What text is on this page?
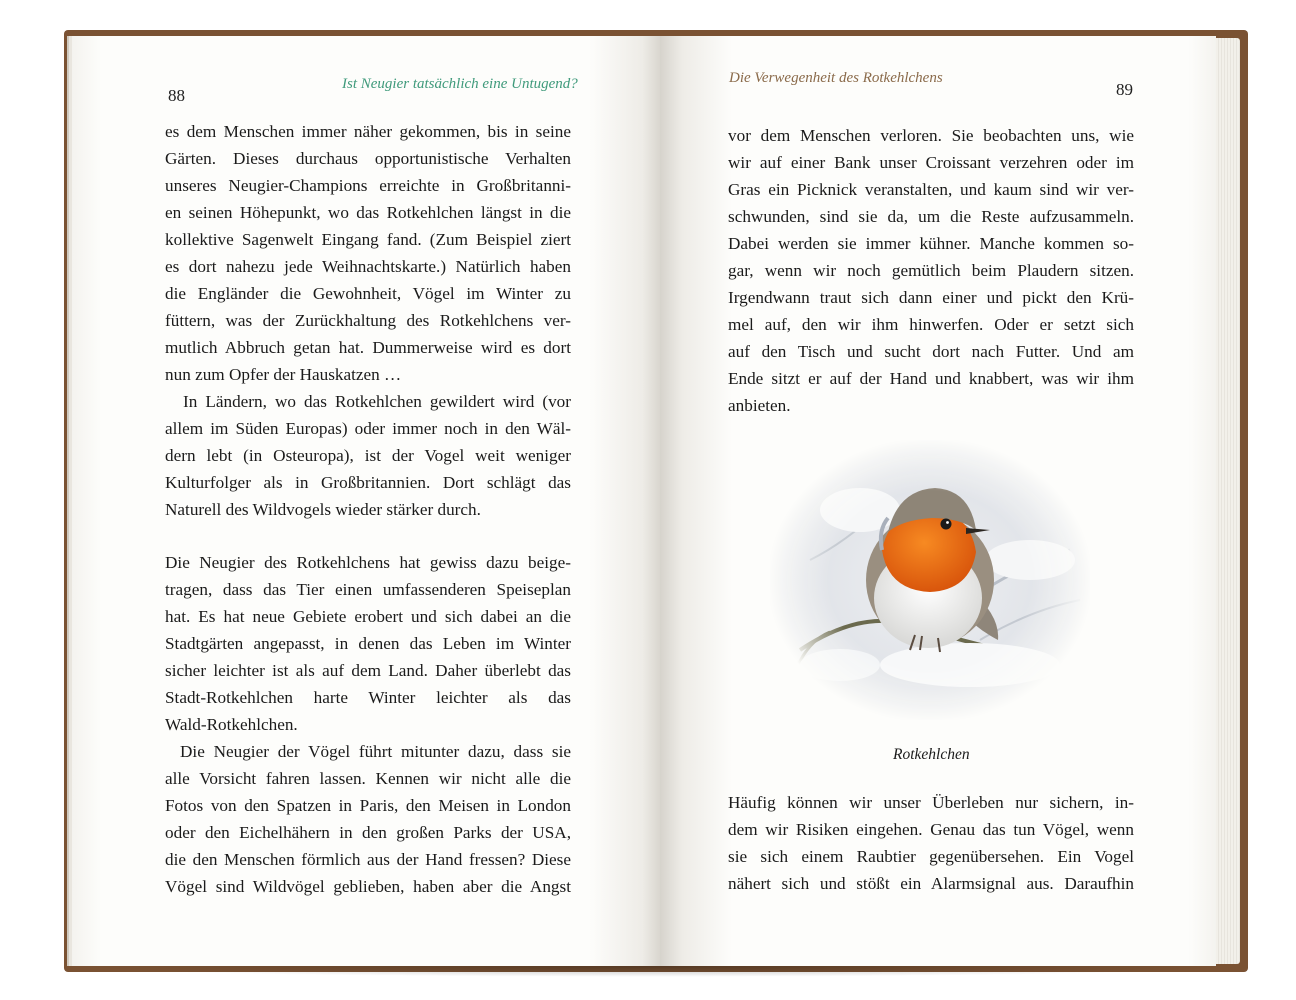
88
Ist Neugier tatsächlich eine Untugend?
es dem Menschen immer näher gekommen, bis in seine
Gärten. Dieses durchaus opportunistische Verhalten
unseres Neugier-Champions erreichte in Großbritanni-
en seinen Höhepunkt, wo das Rotkehlchen längst in die
kollektive Sagenwelt Eingang fand. (Zum Beispiel ziert
es dort nahezu jede Weihnachtskarte.) Natürlich haben
die Engländer die Gewohnheit, Vögel im Winter zu
füttern, was der Zurückhaltung des Rotkehlchens ver-
mutlich Abbruch getan hat. Dummerweise wird es dort
nun zum Opfer der Hauskatzen …
In Ländern, wo das Rotkehlchen gewildert wird (vor
allem im Süden Europas) oder immer noch in den Wäl-
dern lebt (in Osteuropa), ist der Vogel weit weniger
Kulturfolger als in Großbritannien. Dort schlägt das
Naturell des Wildvogels wieder stärker durch.
Die Neugier des Rotkehlchens hat gewiss dazu beige-
tragen, dass das Tier einen umfassenderen Speiseplan
hat. Es hat neue Gebiete erobert und sich dabei an die
Stadtgärten angepasst, in denen das Leben im Winter
sicher leichter ist als auf dem Land. Daher überlebt das
Stadt-Rotkehlchen harte Winter leichter als das
Wald-Rotkehlchen.
Die Neugier der Vögel führt mitunter dazu, dass sie
alle Vorsicht fahren lassen. Kennen wir nicht alle die
Fotos von den Spatzen in Paris, den Meisen in London
oder den Eichelhähern in den großen Parks der USA,
die den Menschen förmlich aus der Hand fressen? Diese
Vögel sind Wildvögel geblieben, haben aber die Angst
Die Verwegenheit des Rotkehlchens
89
vor dem Menschen verloren. Sie beobachten uns, wie
wir auf einer Bank unser Croissant verzehren oder im
Gras ein Picknick veranstalten, und kaum sind wir ver-
schwunden, sind sie da, um die Reste aufzusammeln.
Dabei werden sie immer kühner. Manche kommen so-
gar, wenn wir noch gemütlich beim Plaudern sitzen.
Irgendwann traut sich dann einer und pickt den Krü-
mel auf, den wir ihm hinwerfen. Oder er setzt sich
auf den Tisch und sucht dort nach Futter. Und am
Ende sitzt er auf der Hand und knabbert, was wir ihm
anbieten.
Rotkehlchen
Häufig können wir unser Überleben nur sichern, in-
dem wir Risiken eingehen. Genau das tun Vögel, wenn
sie sich einem Raubtier gegenübersehen. Ein Vogel
nähert sich und stößt ein Alarmsignal aus. Daraufhin
